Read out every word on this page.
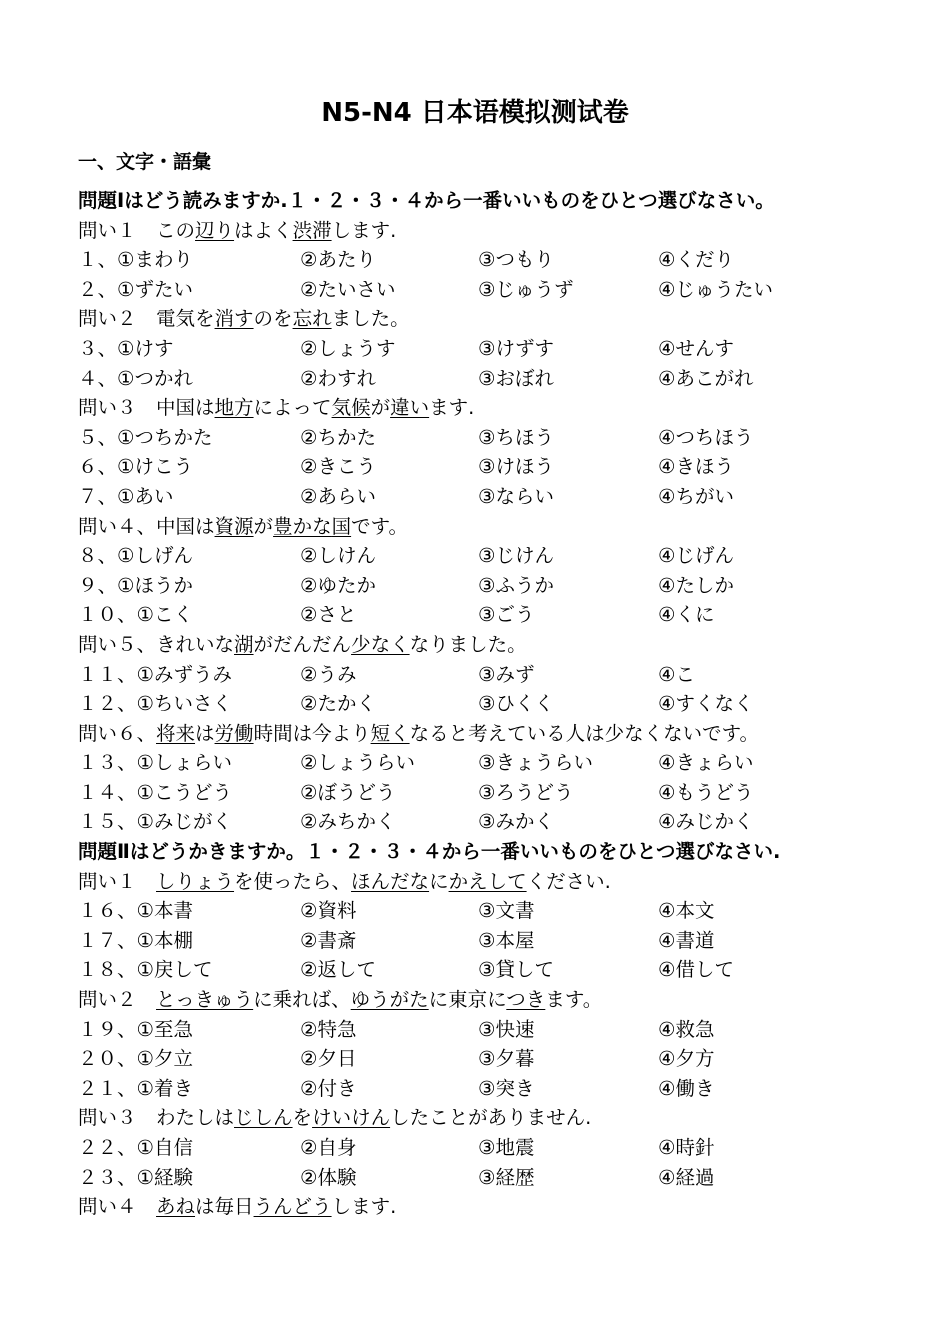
N5-N4 日本语模拟测试卷
一、文字・語彙
問題Ⅰはどう読みますか.１・２・３・４から一番いいものをひとつ選びなさい。
問い１　この辺りはよく渋滞します.
１、①まわり	②あたり	③つもり	④くだり
２、①ずたい	②たいさい	③じゅうず	④じゅうたい
問い２　電気を消すのを忘れました。
３、①けす	②しょうす	③けずす	④せんす
４、①つかれ	②わすれ	③おぼれ	④あこがれ
問い３　中国は地方によって気候が違います.
５、①つちかた	②ちかた	③ちほう	④つちほう
６、①けこう	②きこう	③けほう	④きほう
７、①あい	②あらい	③ならい	④ちがい
問い４、中国は資源が豊かな国です。
８、①しげん	②しけん	③じけん	④じげん
９、①ほうか	②ゆたか	③ふうか	④たしか
１０、①こく	②さと	③ごう	④くに
問い５、きれいな湖がだんだん少なくなりました。
１１、①みずうみ	②うみ	③みず	④こ
１２、①ちいさく	②たかく	③ひくく	④すくなく
問い６、将来は労働時間は今より短くなると考えている人は少なくないです。
１３、①しょらい	②しょうらい	③きょうらい	④きょらい
１４、①こうどう	②ぼうどう	③ろうどう	④もうどう
１５、①みじがく	②みちかく	③みかく	④みじかく
問題Ⅱはどうかきますか。１・２・３・４から一番いいものをひとつ選びなさい.
問い１　しりょうを使ったら、ほんだなにかえしてください.
１６、①本書	②資料	③文書	④本文
１７、①本棚	②書斎	③本屋	④書道
１８、①戻して	②返して	③貸して	④借して
問い２　とっきゅうに乗れば、ゆうがたに東京につきます。
１９、①至急	②特急	③快速	④救急
２０、①夕立	②夕日	③夕暮	④夕方
２１、①着き	②付き	③突き	④働き
問い３　わたしはじしんをけいけんしたことがありません.
２２、①自信	②自身	③地震	④時針
２３、①経験	②体験	③経歴	④経過
問い４　あねは毎日うんどうします.
